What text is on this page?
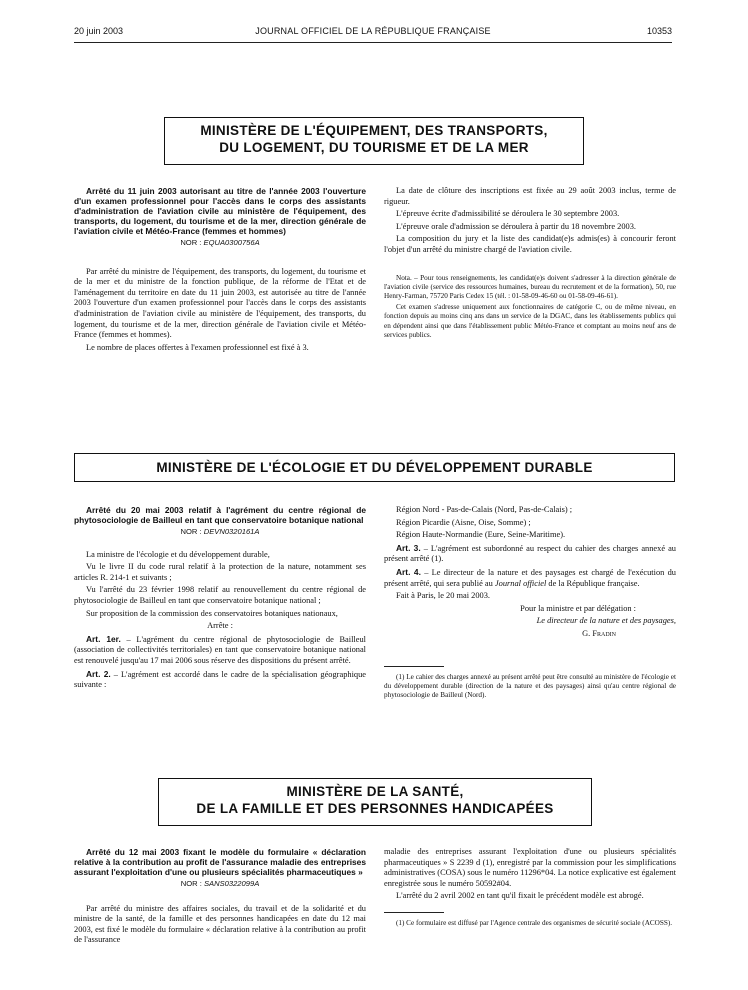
20 juin 2003	JOURNAL OFFICIEL DE LA RÉPUBLIQUE FRANÇAISE	10353
MINISTÈRE DE L'ÉQUIPEMENT, DES TRANSPORTS,
DU LOGEMENT, DU TOURISME ET DE LA MER

Arrêté du 11 juin 2003 autorisant au titre de l'année 2003 l'ouverture d'un examen professionnel pour l'accès dans le corps des assistants d'administration de l'aviation civile au ministère de l'équipement, des transports, du logement, du tourisme et de la mer, direction générale de l'aviation civile et Météo-France (femmes et hommes)

NOR : EQUA0300756A

Par arrêté du ministre de l'équipement, des transports, du logement, du tourisme et de la mer et du ministre de la fonction publique, de la réforme de l'Etat et de l'aménagement du territoire en date du 11 juin 2003, est autorisée au titre de l'année 2003 l'ouverture d'un examen professionnel pour l'accès dans le corps des assistants d'administration de l'aviation civile au ministère de l'équipement, des transports, du logement, du tourisme et de la mer, direction générale de l'aviation civile et Météo-France (femmes et hommes).

Le nombre de places offertes à l'examen professionnel est fixé à 3.

La date de clôture des inscriptions est fixée au 29 août 2003 inclus, terme de rigueur.

L'épreuve écrite d'admissibilité se déroulera le 30 septembre 2003.

L'épreuve orale d'admission se déroulera à partir du 18 novembre 2003.

La composition du jury et la liste des candidat(e)s admis(es) à concourir feront l'objet d'un arrêté du ministre chargé de l'aviation civile.

Nota. – Pour tous renseignements, les candidat(e)s doivent s'adresser à la direction générale de l'aviation civile (service des ressources humaines, bureau du recrutement et de la formation), 50, rue Henry-Farman, 75720 Paris Cedex 15 (tél. : 01-58-09-46-60 ou 01-58-09-46-61).

Cet examen s'adresse uniquement aux fonctionnaires de catégorie C, ou de même niveau, en fonction depuis au moins cinq ans dans un service de la DGAC, dans les établissements publics qui en dépendent ainsi que dans l'établissement public Météo-France et comptant au moins neuf ans de services publics.

MINISTÈRE DE L'ÉCOLOGIE ET DU DÉVELOPPEMENT DURABLE

Arrêté du 20 mai 2003 relatif à l'agrément du centre régional de phytosociologie de Bailleul en tant que conservatoire botanique national

NOR : DEVN0320161A

La ministre de l'écologie et du développement durable,

Vu le livre II du code rural relatif à la protection de la nature, notamment ses articles R. 214-1 et suivants ;

Vu l'arrêté du 23 février 1998 relatif au renouvellement du centre régional de phytosociologie de Bailleul en tant que conservatoire botanique national ;

Sur proposition de la commission des conservatoires botaniques nationaux,

Arrête :

Art. 1er. – L'agrément du centre régional de phytosociologie de Bailleul (association de collectivités territoriales) en tant que conservatoire botanique national est renouvelé jusqu'au 17 mai 2006 sous réserve des dispositions du présent arrêté.

Art. 2. – L'agrément est accordé dans le cadre de la spécialisation géographique suivante :

Région Nord - Pas-de-Calais (Nord, Pas-de-Calais) ;

Région Picardie (Aisne, Oise, Somme) ;

Région Haute-Normandie (Eure, Seine-Maritime).

Art. 3. – L'agrément est subordonné au respect du cahier des charges annexé au présent arrêté (1).

Art. 4. – Le directeur de la nature et des paysages est chargé de l'exécution du présent arrêté, qui sera publié au Journal officiel de la République française.

Fait à Paris, le 20 mai 2003.

Pour la ministre et par délégation :

Le directeur de la nature et des paysages,

G. Fradin

(1) Le cahier des charges annexé au présent arrêté peut être consulté au ministère de l'écologie et du développement durable (direction de la nature et des paysages) ainsi qu'au centre régional de phytosociologie de Bailleul (Nord).

MINISTÈRE DE LA SANTÉ,
DE LA FAMILLE ET DES PERSONNES HANDICAPÉES

Arrêté du 12 mai 2003 fixant le modèle du formulaire « déclaration relative à la contribution au profit de l'assurance maladie des entreprises assurant l'exploitation d'une ou plusieurs spécialités pharmaceutiques »

NOR : SANS0322099A

Par arrêté du ministre des affaires sociales, du travail et de la solidarité et du ministre de la santé, de la famille et des personnes handicapées en date du 12 mai 2003, est fixé le modèle du formulaire « déclaration relative à la contribution au profit de l'assurance

maladie des entreprises assurant l'exploitation d'une ou plusieurs spécialités pharmaceutiques » S 2239 d (1), enregistré par la commission pour les simplifications administratives (COSA) sous le numéro 11296*04. La notice explicative est également enregistrée sous le numéro 50592#04.

L'arrêté du 2 avril 2002 en tant qu'il fixait le précédent modèle est abrogé.

(1) Ce formulaire est diffusé par l'Agence centrale des organismes de sécurité sociale (ACOSS).
